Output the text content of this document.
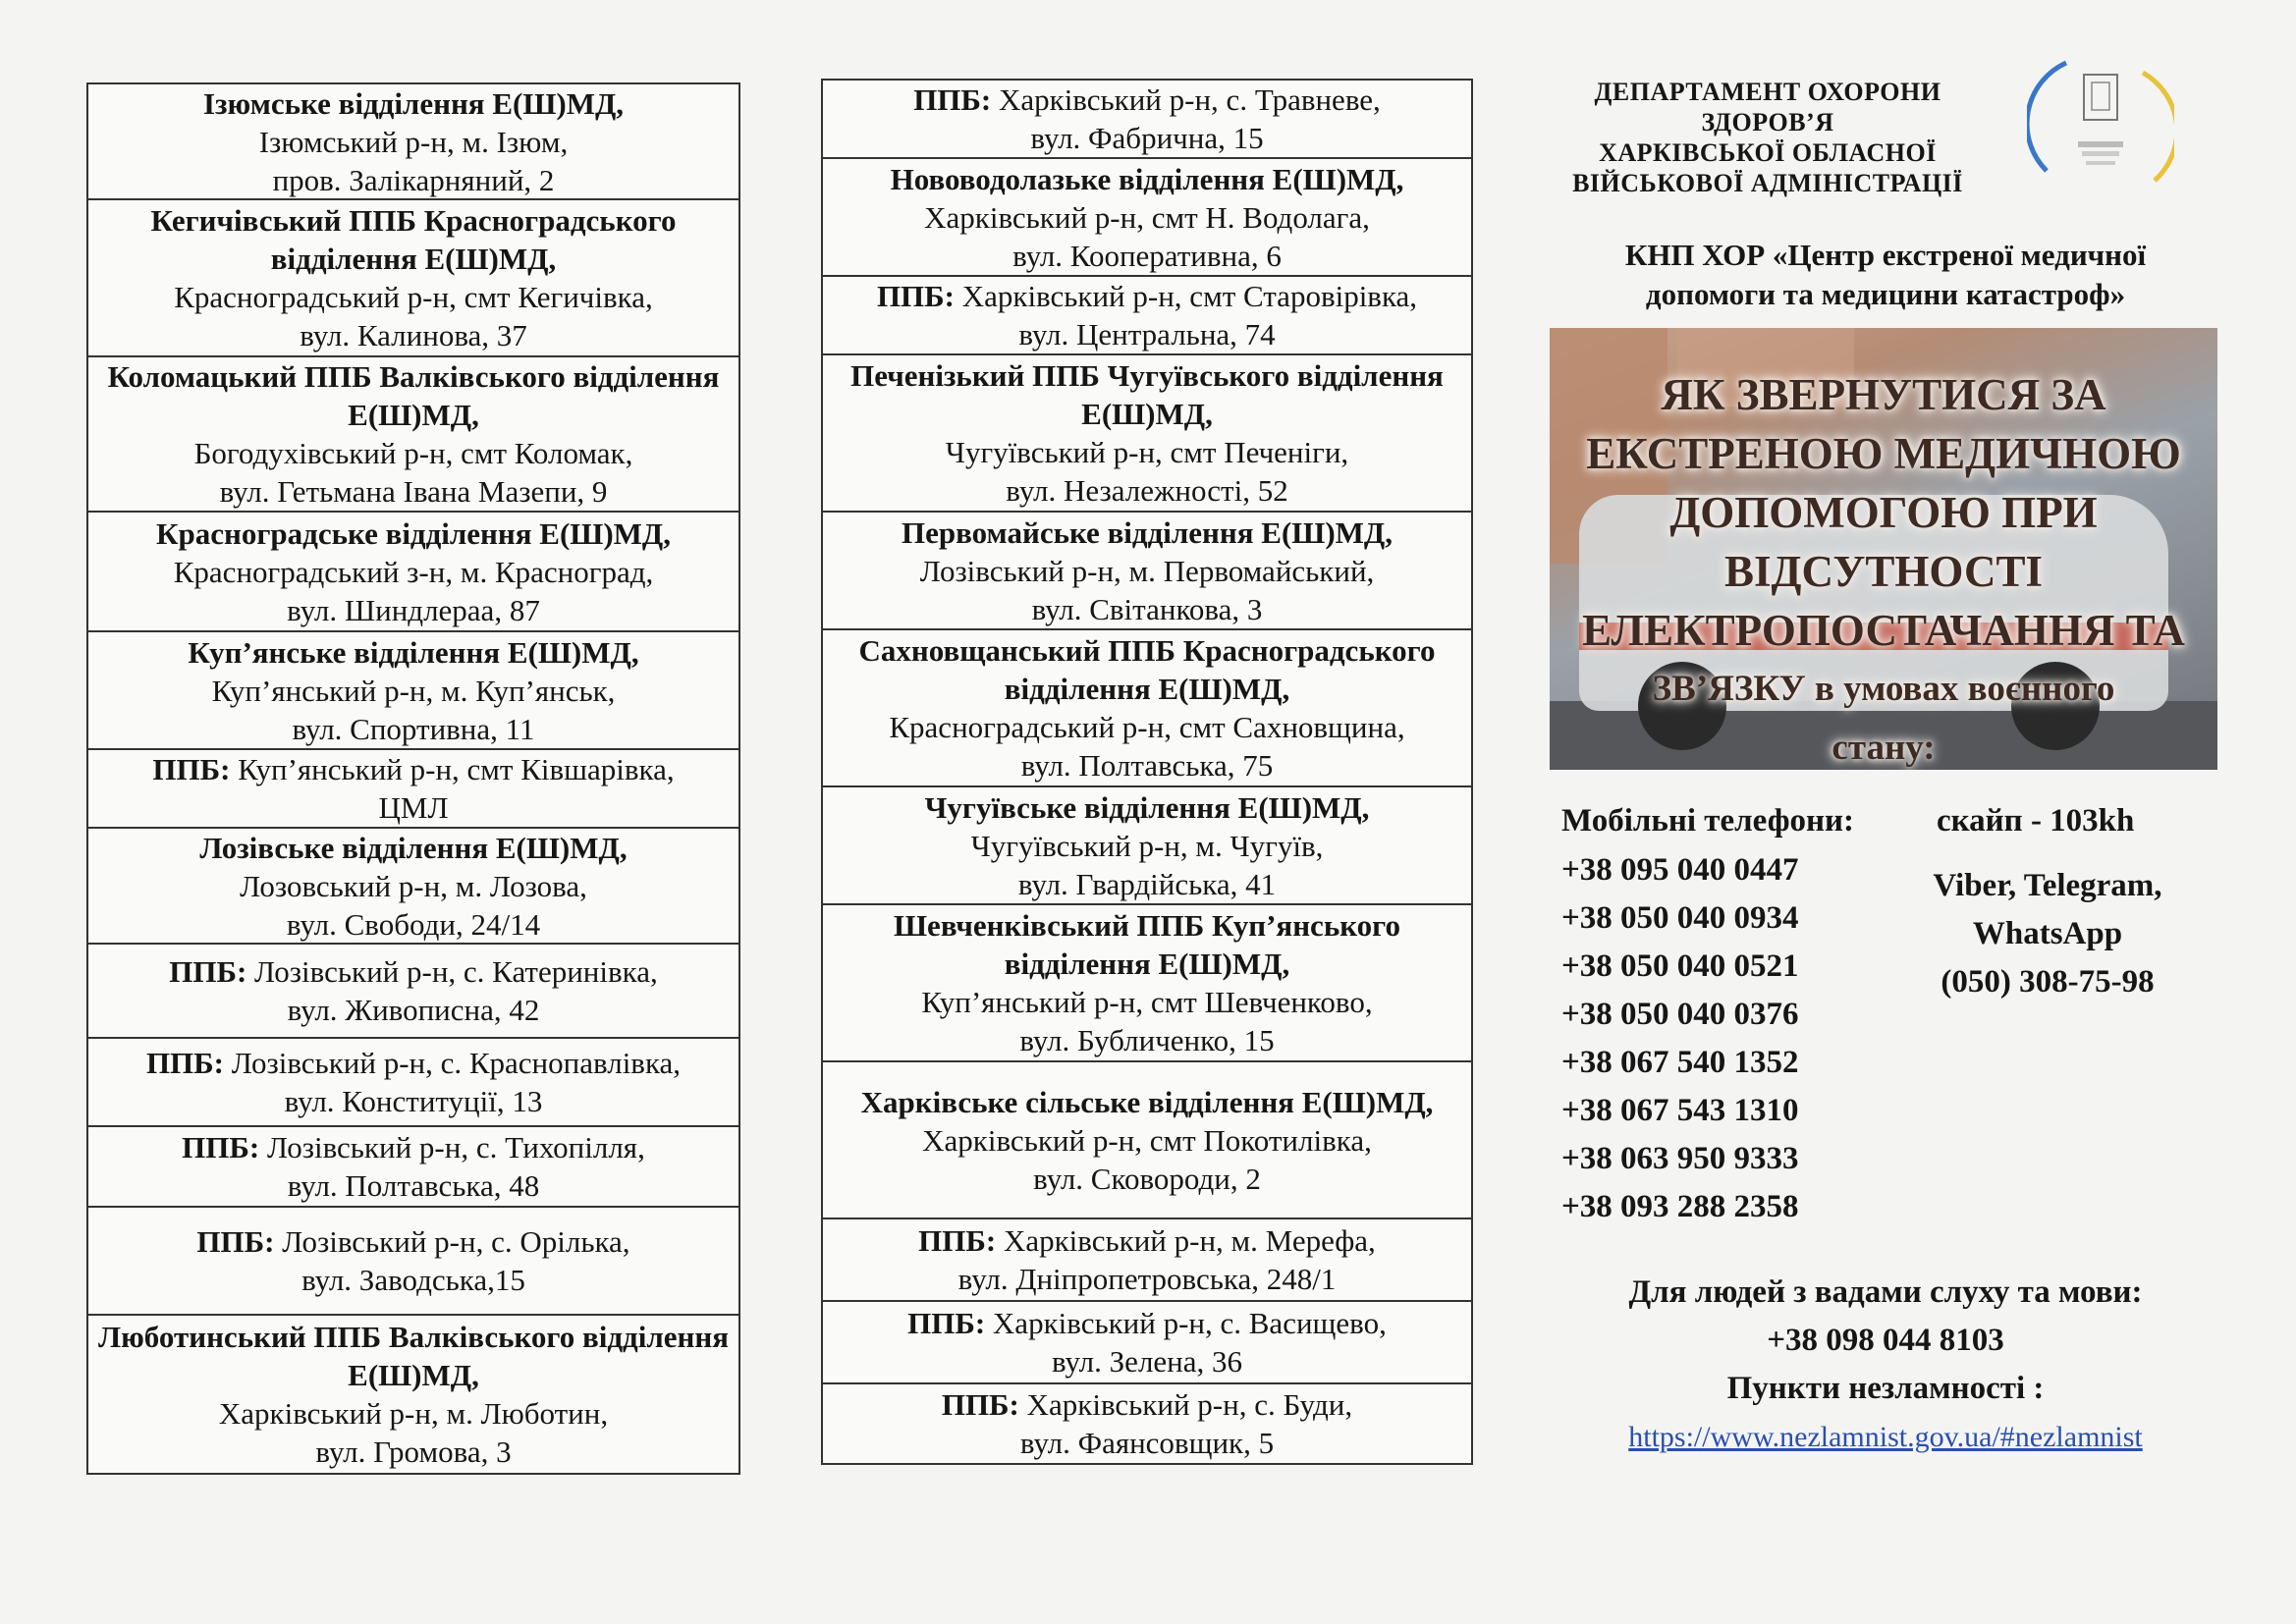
Ізюмське відділення Е(Ш)МД,
Ізюмський р-н, м. Ізюм,
пров. Залікарняний, 2
Кегичівський ППБ Красноградського відділення Е(Ш)МД,
Красноградський р-н, смт Кегичівка,
вул. Калинова, 37
Коломацький ППБ Валківського відділення Е(Ш)МД,
Богодухівський р-н, смт Коломак,
вул. Гетьмана Івана Мазепи, 9
Красноградське відділення Е(Ш)МД,
Красноградський з-н, м. Красноград,
вул. Шиндлераа, 87
Куп’янське відділення Е(Ш)МД,
Куп’янський р-н, м. Куп’янськ,
вул. Спортивна, 11
ППБ: Куп’янський р-н, смт Ківшарівка,
ЦМЛ
Лозівське відділення Е(Ш)МД,
Лозовський р-н, м. Лозова,
вул. Свободи, 24/14
ППБ: Лозівський р-н, с. Катеринівка,
вул. Живописна, 42
ППБ: Лозівський р-н, с. Краснопавлівка,
вул. Конституції, 13
ППБ: Лозівський р-н, с. Тихопілля,
вул. Полтавська, 48
ППБ: Лозівський р-н, с. Орілька,
вул. Заводська,15
Люботинський ППБ Валківського відділення Е(Ш)МД,
Харківський р-н, м. Люботин,
вул. Громова, 3
ППБ: Харківський р-н, с. Травневе,
вул. Фабрична, 15
Нововодолазьке відділення Е(Ш)МД,
Харківський р-н, смт Н. Водолага,
вул. Кооперативна, 6
ППБ: Харківський р-н, смт Старовірівка,
вул. Центральна, 74
Печенізький ППБ Чугуївського відділення Е(Ш)МД,
Чугуївський р-н, смт Печеніги,
вул. Незалежності, 52
Первомайське відділення Е(Ш)МД,
Лозівський р-н, м. Первомайський,
вул. Світанкова, 3
Сахновщанський ППБ Красноградського відділення Е(Ш)МД,
Красноградський р-н, смт Сахновщина,
вул. Полтавська, 75
Чугуївське відділення Е(Ш)МД,
Чугуївський р-н, м. Чугуїв,
вул. Гвардійська, 41
Шевченківський ППБ Куп’янського відділення Е(Ш)МД,
Куп’янський р-н, смт Шевченково,
вул. Бубличенко, 15
Харківське сільське відділення Е(Ш)МД,
Харківський р-н, смт Покотилівка,
вул. Сковороди, 2
ППБ: Харківський р-н, м. Мерефа,
вул. Дніпропетровська, 248/1
ППБ: Харківський р-н, с. Васищево,
вул. Зелена, 36
ППБ: Харківський р-н, с. Буди,
вул. Фаянсовщик, 5
ДЕПАРТАМЕНТ ОХОРОНИ
ЗДОРОВ’Я
ХАРКІВСЬКОЇ ОБЛАСНОЇ
ВІЙСЬКОВОЇ АДМІНІСТРАЦІЇ
КНП ХОР «Центр екстреної медичної
допомоги та медицини катастроф»
ЯК ЗВЕРНУТИСЯ ЗА
ЕКСТРЕНОЮ МЕДИЧНОЮ
ДОПОМОГОЮ ПРИ
ВІДСУТНОСТІ
ЕЛЕКТРОПОСТАЧАННЯ ТА
ЗВ’ЯЗКУ в умовах воєнного
стану:
Мобільні телефони:
+38 095 040 0447
+38 050 040 0934
+38 050 040 0521
+38 050 040 0376
+38 067 540 1352
+38 067 543 1310
+38 063 950 9333
+38 093 288 2358
скайп - 103kh
Viber, Telegram,
WhatsApp
(050) 308-75-98
Для людей з вадами слуху та мови:
+38 098 044 8103
Пункти незламності :
https://www.nezlamnist.gov.ua/#nezlamnist
